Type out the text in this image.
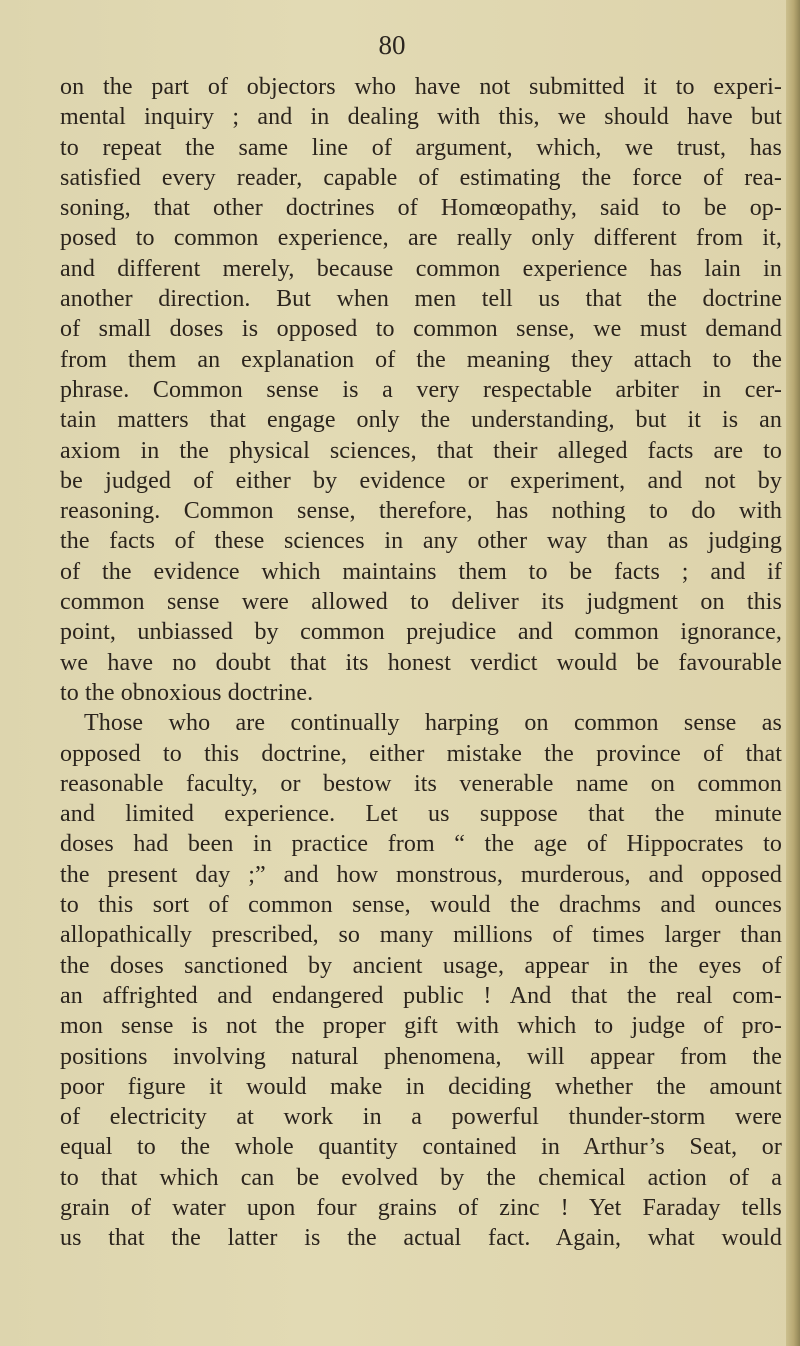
80
on the part of objectors who have not submitted it to experi-
mental inquiry ; and in dealing with this, we should have but
to repeat the same line of argument, which, we trust, has
satisfied every reader, capable of estimating the force of rea-
soning, that other doctrines of Homœopathy, said to be op-
posed to common experience, are really only different from it,
and different merely, because common experience has lain in
another direction. But when men tell us that the doctrine
of small doses is opposed to common sense, we must demand
from them an explanation of the meaning they attach to the
phrase. Common sense is a very respectable arbiter in cer-
tain matters that engage only the understanding, but it is an
axiom in the physical sciences, that their alleged facts are to
be judged of either by evidence or experiment, and not by
reasoning. Common sense, therefore, has nothing to do with
the facts of these sciences in any other way than as judging
of the evidence which maintains them to be facts ; and if
common sense were allowed to deliver its judgment on this
point, unbiassed by common prejudice and common ignorance,
we have no doubt that its honest verdict would be favourable
to the obnoxious doctrine.
Those who are continually harping on common sense as
opposed to this doctrine, either mistake the province of that
reasonable faculty, or bestow its venerable name on common
and limited experience. Let us suppose that the minute
doses had been in practice from “ the age of Hippocrates to
the present day ;” and how monstrous, murderous, and opposed
to this sort of common sense, would the drachms and ounces
allopathically prescribed, so many millions of times larger than
the doses sanctioned by ancient usage, appear in the eyes of
an affrighted and endangered public ! And that the real com-
mon sense is not the proper gift with which to judge of pro-
positions involving natural phenomena, will appear from the
poor figure it would make in deciding whether the amount
of electricity at work in a powerful thunder-storm were
equal to the whole quantity contained in Arthur’s Seat, or
to that which can be evolved by the chemical action of a
grain of water upon four grains of zinc ! Yet Faraday tells
us that the latter is the actual fact. Again, what would
